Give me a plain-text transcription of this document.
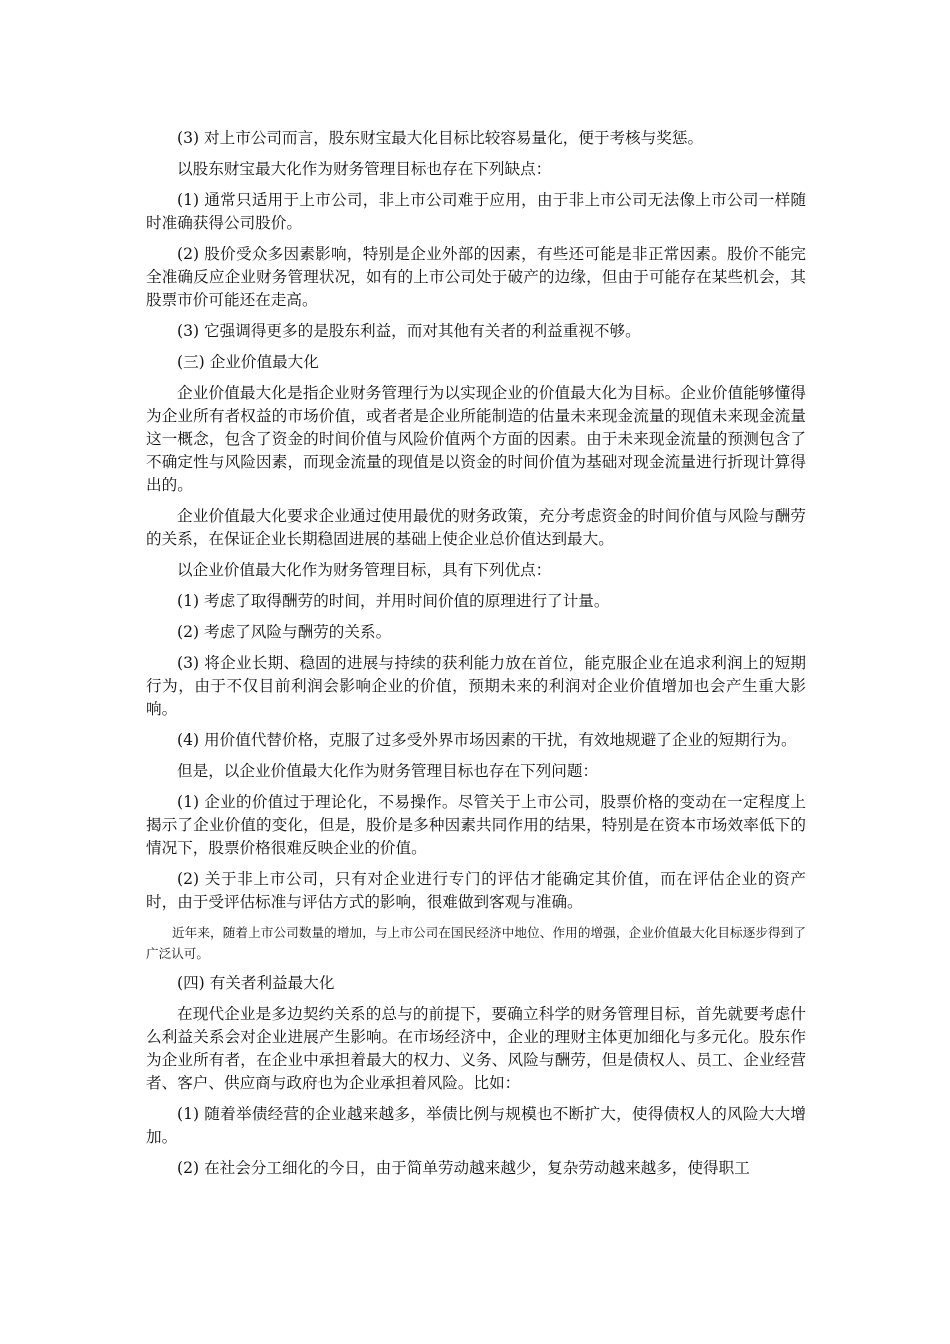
(3) 对上市公司而言，股东财宝最大化目标比较容易量化，便于考核与奖惩。

以股东财宝最大化作为财务管理目标也存在下列缺点：

(1) 通常只适用于上市公司，非上市公司难于应用，由于非上市公司无法像上市公司一样随时准确获得公司股价。

(2) 股价受众多因素影响，特别是企业外部的因素，有些还可能是非正常因素。股价不能完全准确反应企业财务管理状况，如有的上市公司处于破产的边缘，但由于可能存在某些机会，其股票市价可能还在走高。

(3) 它强调得更多的是股东利益，而对其他有关者的利益重视不够。

(三) 企业价值最大化

企业价值最大化是指企业财务管理行为以实现企业的价值最大化为目标。企业价值能够懂得为企业所有者权益的市场价值，或者者是企业所能制造的估量未来现金流量的现值未来现金流量这一概念，包含了资金的时间价值与风险价值两个方面的因素。由于未来现金流量的预测包含了不确定性与风险因素，而现金流量的现值是以资金的时间价值为基础对现金流量进行折现计算得出的。

企业价值最大化要求企业通过使用最优的财务政策，充分考虑资金的时间价值与风险与酬劳的关系，在保证企业长期稳固进展的基础上使企业总价值达到最大。

以企业价值最大化作为财务管理目标，具有下列优点：

(1) 考虑了取得酬劳的时间，并用时间价值的原理进行了计量。

(2) 考虑了风险与酬劳的关系。

(3) 将企业长期、稳固的进展与持续的获利能力放在首位，能克服企业在追求利润上的短期行为，由于不仅目前利润会影响企业的价值，预期未来的利润对企业价值增加也会产生重大影响。

(4) 用价值代替价格，克服了过多受外界市场因素的干扰，有效地规避了企业的短期行为。

但是，以企业价值最大化作为财务管理目标也存在下列问题：

(1) 企业的价值过于理论化，不易操作。尽管关于上市公司，股票价格的变动在一定程度上揭示了企业价值的变化，但是，股价是多种因素共同作用的结果，特别是在资本市场效率低下的情况下，股票价格很难反映企业的价值。

(2) 关于非上市公司，只有对企业进行专门的评估才能确定其价值，而在评估企业的资产时，由于受评估标准与评估方式的影响，很难做到客观与准确。

近年来，随着上市公司数量的增加，与上市公司在国民经济中地位、作用的增强，企业价值最大化目标逐步得到了广泛认可。

(四) 有关者利益最大化

在现代企业是多边契约关系的总与的前提下，要确立科学的财务管理目标，首先就要考虑什么利益关系会对企业进展产生影响。在市场经济中，企业的理财主体更加细化与多元化。股东作为企业所有者，在企业中承担着最大的权力、义务、风险与酬劳，但是债权人、员工、企业经营者、客户、供应商与政府也为企业承担着风险。比如：

(1) 随着举债经营的企业越来越多，举债比例与规模也不断扩大，使得债权人的风险大大增加。

(2) 在社会分工细化的今日，由于简单劳动越来越少，复杂劳动越来越多，使得职工
